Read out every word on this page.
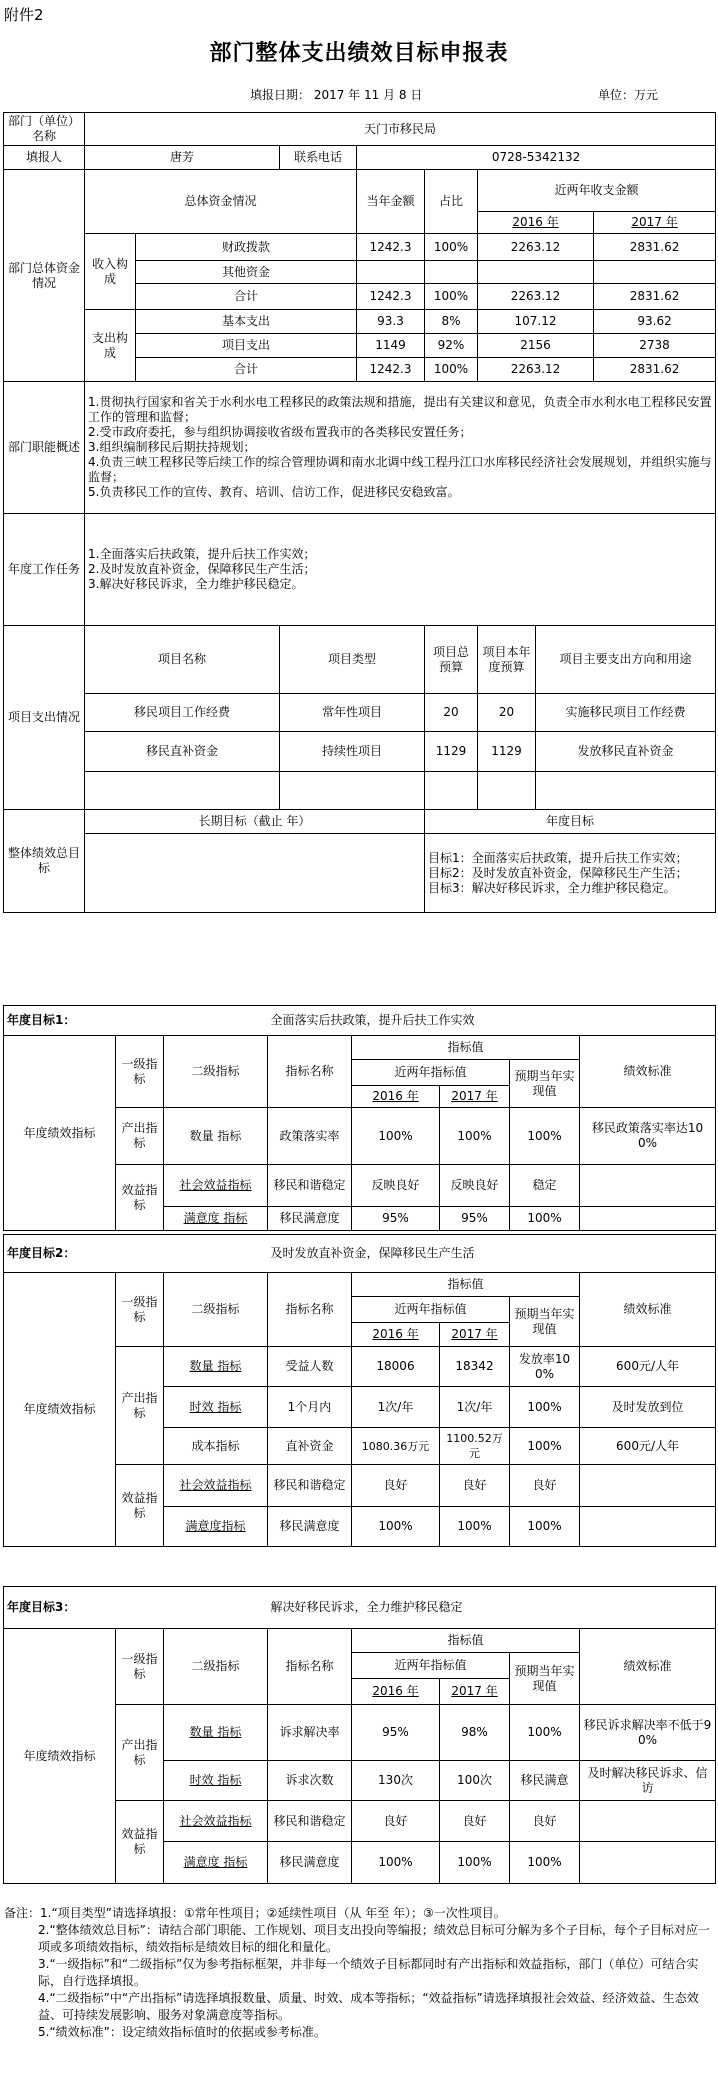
附件2
部门整体支出绩效目标申报表
填报日期： 2017 年 11 月 8 日	单位：万元
部门（单位）名称	天门市移民局							
填报人	唐芳		联系电话	0728-5342132				
部门总体资金情况	总体资金情况			当年金额	占比	近两年收支金额		
						2016 年		2017 年
	收入构成	财政拨款		1242.3	100%	2263.12		2831.62
		其他资金						
		合计		1242.3	100%	2263.12		2831.62
	支出构成	基本支出		93.3	8%	107.12		93.62
		项目支出		1149	92%	2156		2738
		合计		1242.3	100%	2263.12		2831.62
部门职能概述	1.贯彻执行国家和省关于水利水电工程移民的政策法规和措施，提出有关建议和意见，负责全市水利水电工程移民安置工作的管理和监督；
2.受市政府委托，参与组织协调接收省级布置我市的各类移民安置任务；
3.组织编制移民后期扶持规划；
4.负责三峡工程移民等后续工作的综合管理协调和南水北调中线工程丹江口水库移民经济社会发展规划，并组织实施与监督；
5.负责移民工作的宣传、教育、培训、信访工作，促进移民安稳致富。							

年度工作任务	1.全面落实后扶政策，提升后扶工作实效；
2.及时发放直补资金，保障移民生产生活；
3.解决好移民诉求，全力维护移民稳定。							

项目支出情况	项目名称		项目类型		项目总预算	项目本年度预算	项目主要支出方向和用途	
	移民项目工作经费		常年性项目		20	20	实施移民项目工作经费	
	移民直补资金		持续性项目		1129	1129	发放移民直补资金	

整体绩效总目标	长期目标（截止 年）				年度目标			

					目标1：全面落实后扶政策，提升后扶工作实效；
目标2：及时发放直补资金，保障移民生产生活；
目标3：解决好移民诉求，全力维护移民稳定。			
年度目标1：			全面落实后扶政策，提升后扶工作实效				
年度绩效指标	一级指标	二级指标	指标名称	指标值			绩效标准
				近两年指标值		预期当年实现值	
				2016 年	2017 年		
	产出指标	数量 指标	政策落实率	100%	100%	100%	移民政策落实率达100%
	效益指标	社会效益指标	移民和谐稳定	反映良好	反映良好	稳定	
		满意度 指标	移民满意度	95%	95%	100%	
年度目标2：			及时发放直补资金，保障移民生产生活				
年度绩效指标	一级指标	二级指标	指标名称	指标值			绩效标准
				近两年指标值		预期当年实现值	
				2016 年	2017 年		
	产出指标	数量 指标	受益人数	18006	18342	发放率100%	600元/人年
		时效 指标	1个月内	1次/年	1次/年	100%	及时发放到位
		成本指标	直补资金	1080.36万元	1100.52万元	100%	600元/人年
	效益指标	社会效益指标	移民和谐稳定	良好	良好	良好	
		满意度指标	移民满意度	100%	100%	100%	
年度目标3：			解决好移民诉求，全力维护移民稳定				
年度绩效指标	一级指标	二级指标	指标名称	指标值			绩效标准
				近两年指标值		预期当年实现值	
				2016 年	2017 年		
	产出指标	数量 指标	诉求解决率	95%	98%	100%	移民诉求解决率不低于90%
		时效 指标	诉求次数	130次	100次	移民满意	及时解决移民诉求、信访
	效益指标	社会效益指标	移民和谐稳定	良好	良好	良好	
		满意度 指标	移民满意度	100%	100%	100%	

备注：1.“项目类型”请选择填报：①常年性项目；②延续性项目（从 年至 年）；③一次性项目。

2.“整体绩效总目标”：请结合部门职能、工作规划、项目支出投向等编报；绩效总目标可分解为多个子目标，每个子目标对应一项或多项绩效指标，绩效指标是绩效目标的细化和量化。

3.“一级指标”和“二级指标”仅为参考指标框架，并非每一个绩效子目标都同时有产出指标和效益指标，部门（单位）可结合实际，自行选择填报。

4.“二级指标”中“产出指标”请选择填报数量、质量、时效、成本等指标；“效益指标”请选择填报社会效益、经济效益、生态效益、可持续发展影响、服务对象满意度等指标。

5.“绩效标准”：设定绩效指标值时的依据或参考标准。
